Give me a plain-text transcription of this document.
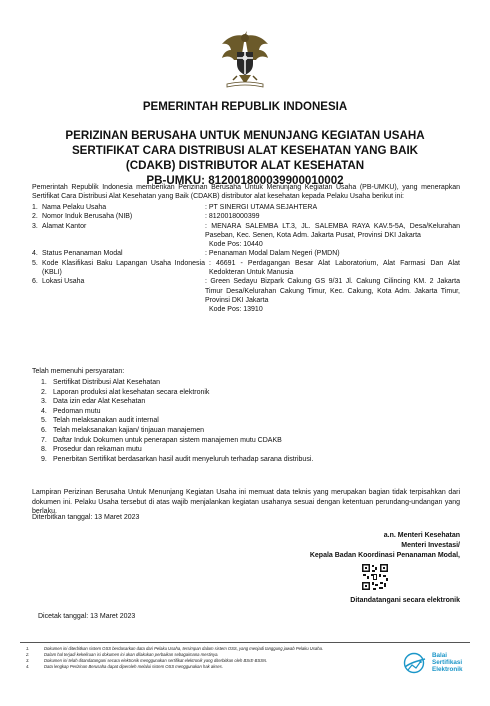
PEMERINTAH REPUBLIK INDONESIA
PERIZINAN BERUSAHA UNTUK MENUNJANG KEGIATAN USAHA
SERTIFIKAT CARA DISTRIBUSI ALAT KESEHATAN YANG BAIK
(CDAKB) DISTRIBUTOR ALAT KESEHATAN
PB-UMKU: 812001800039900010002
Pemerintah Republik Indonesia memberikan Perizinan Berusaha Untuk Menunjang Kegiatan Usaha (PB-UMKU), yang menerapkan Sertifikat Cara Distribusi Alat Kesehatan yang Baik (CDAKB) distributor alat kesehatan kepada Pelaku Usaha berikut ini:
1. Nama Pelaku Usaha	: PT SINERGI UTAMA SEJAHTERA
2. Nomor Induk Berusaha (NIB)	: 8120018000399
3. Alamat Kantor	: MENARA SALEMBA LT.3, JL. SALEMBA RAYA KAV.5-5A, Desa/Kelurahan Paseban, Kec. Senen, Kota Adm. Jakarta Pusat, Provinsi DKI Jakarta
Kode Pos: 10440
4. Status Penanaman Modal	: Penanaman Modal Dalam Negeri (PMDN)
5. Kode Klasifikasi Baku Lapangan Usaha Indonesia (KBLI)
: 46691 - Perdagangan Besar Alat Laboratorium, Alat Farmasi Dan Alat Kedokteran Untuk Manusia
6. Lokasi Usaha	: Green Sedayu Bizpark Cakung GS 9/31 Jl. Cakung Cilincing KM. 2 Jakarta Timur Desa/Kelurahan Cakung Timur, Kec. Cakung, Kota Adm. Jakarta Timur, Provinsi DKI Jakarta
Kode Pos: 13910
Telah memenuhi persyaratan:
1. Sertifikat Distribusi Alat Kesehatan
2. Laporan produksi alat kesehatan secara elektronik
3. Data izin edar Alat Kesehatan
4. Pedoman mutu
5. Telah melaksanakan audit internal
6. Telah melaksanakan kajian/ tinjauan manajemen
7. Daftar Induk Dokumen untuk penerapan sistem manajemen mutu CDAKB
8. Prosedur dan rekaman mutu
9. Penerbitan Sertifikat berdasarkan hasil audit menyeluruh terhadap sarana distribusi.
Lampiran Perizinan Berusaha Untuk Menunjang Kegiatan Usaha ini memuat data teknis yang merupakan bagian tidak terpisahkan dari dokumen ini. Pelaku Usaha tersebut di atas wajib menjalankan kegiatan usahanya sesuai dengan ketentuan perundang-undangan yang berlaku.
Diterbitkan tanggal: 13 Maret 2023
a.n. Menteri Kesehatan
Menteri Investasi/
Kepala Badan Koordinasi Penanaman Modal,
Ditandatangani secara elektronik
Dicetak tanggal: 13 Maret 2023
1.	Dokumen ini diterbitkan sistem OSS berdasarkan data dari Pelaku Usaha, tersimpan dalam sistem OSS, yang menjadi tanggung jawab Pelaku Usaha.
2.	Dalam hal terjadi kekeliruan isi dokumen ini akan dilakukan perbaikan sebagaimana mestinya.
3.	Dokumen ini telah ditandatangani secara elektronik menggunakan sertifikat elektronik yang diterbitkan oleh BSrE-BSSN.
4.	Data lengkap Perizinan Berusaha dapat diperoleh melalui sistem OSS menggunakan hak akses.
Balai
Sertifikasi
Elektronik
